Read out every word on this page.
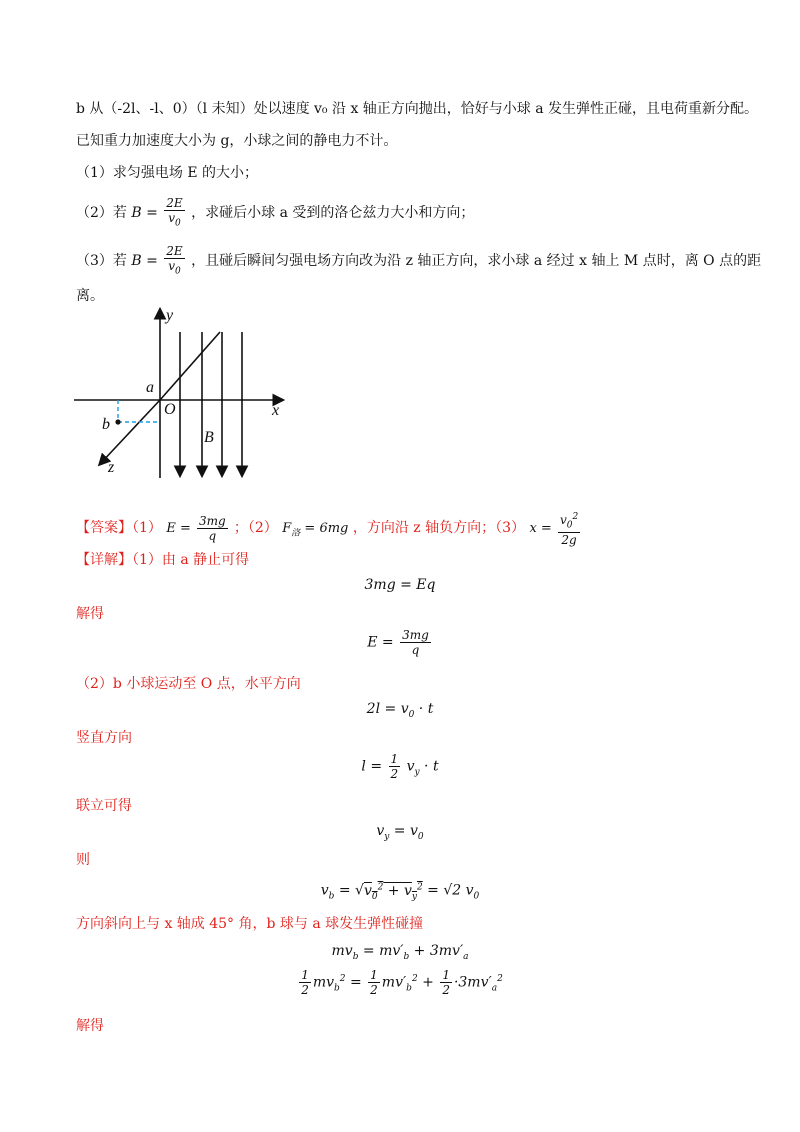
b 从（-2l、-l、0）（l 未知）处以速度 v₀ 沿 x 轴正方向抛出，恰好与小球 a 发生弹性正碰，且电荷重新分配。
已知重力加速度大小为 g，小球之间的静电力不计。
（1）求匀强电场 E 的大小；
（2）若 $B = \frac{2E}{v_0}$ ，求碰后小球 a 受到的洛仑兹力大小和方向；
（3）若 $B = \frac{2E}{v_0}$ ，且碰后瞬间匀强电场方向改为沿 z 轴正方向，求小球 a 经过 x 轴上 M 点时，离 O 点的距
离。
y
x
z
O
a
b
B
【答案】（1） $E = \frac{3mg}{q}$ ；（2） $F_洛 = 6mg$ ，方向沿 z 轴负方向；（3） $x = \frac{v_0^2}{2g}$
【详解】（1）由 a 静止可得
3mg = Eq
解得
$E = \frac{3mg}{q}$
（2）b 小球运动至 O 点，水平方向
$2l = v_0 \cdot t$
竖直方向
$l = \frac{1}{2} v_y \cdot t$
联立可得
$v_y = v_0$
则
$v_b = √v_0^2 + v_y^2 = √2$ $v_0$
方向斜向上与 x 轴成 45° 角，b 球与 a 球发生弹性碰撞
$mv_b = mv'_b + 3mv'_a$
$\frac{1}{2} mv_b^2 = \frac{1}{2} mv'_b^2 + \frac{1}{2} \cdot 3mv'_a^2$
解得
